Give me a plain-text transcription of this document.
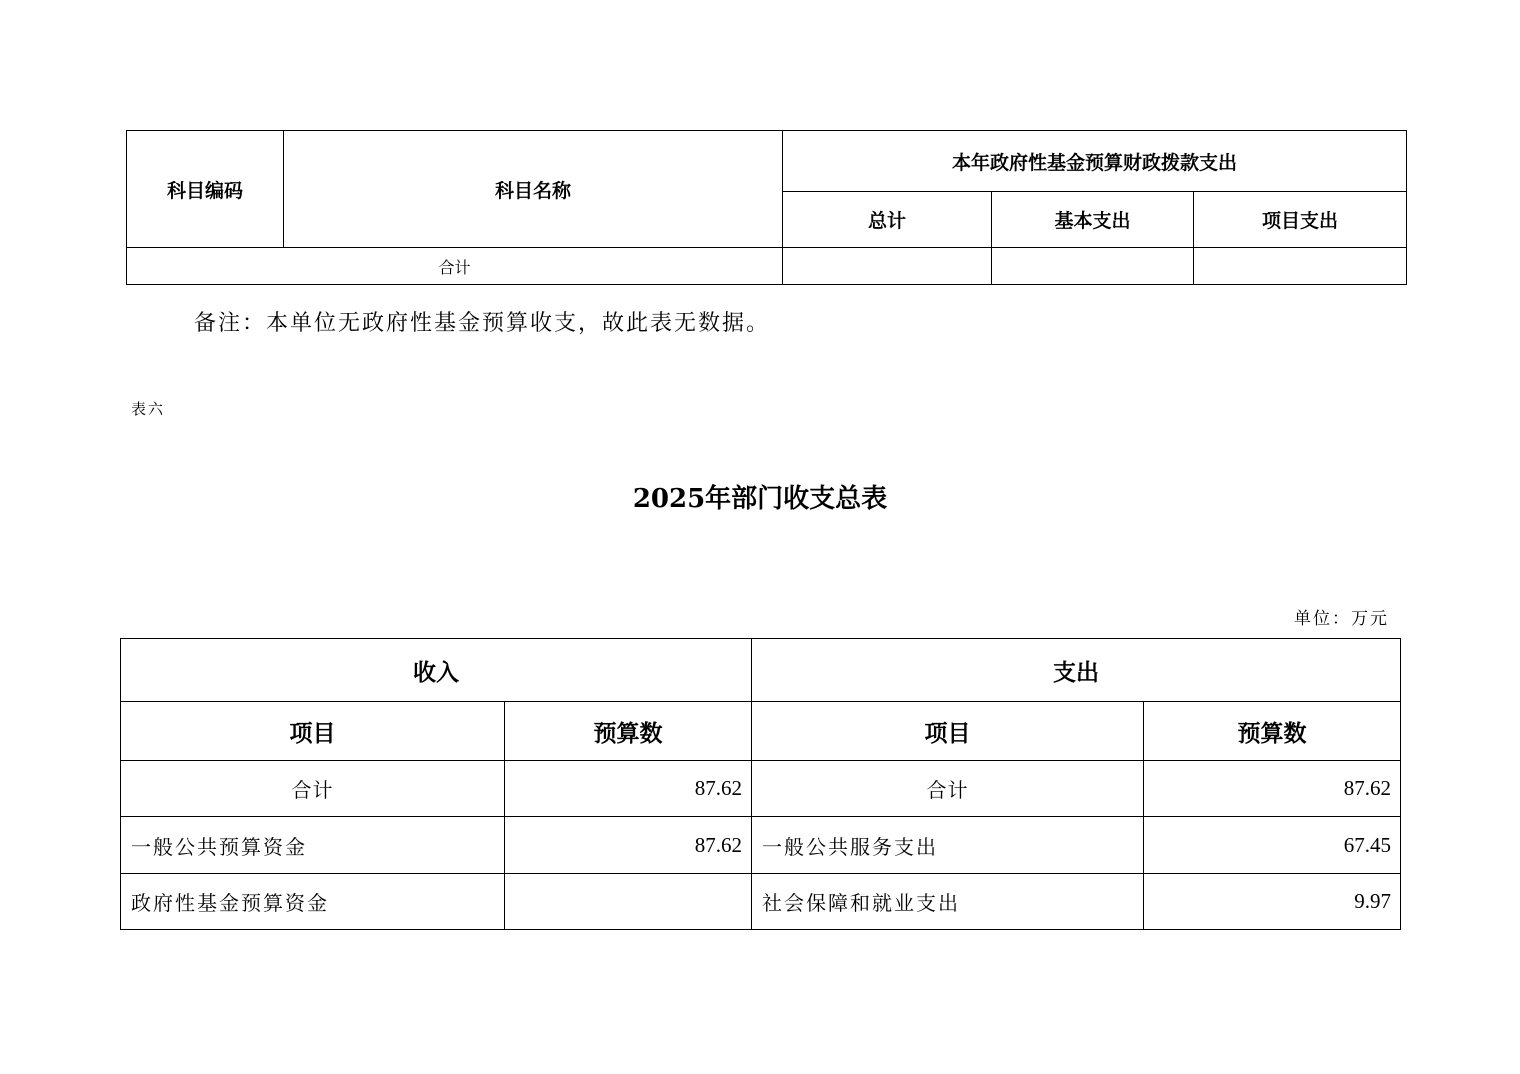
科目编码	科目名称	本年政府性基金预算财政拨款支出		
		总计	基本支出	项目支出
合计				
备注：本单位无政府性基金预算收支，故此表无数据。
表六
2025年部门收支总表
单位：万元
收入		支出	
项目	预算数	项目	预算数
合计	87.62	合计	87.62
一般公共预算资金	87.62	一般公共服务支出	67.45
政府性基金预算资金		社会保障和就业支出	9.97
